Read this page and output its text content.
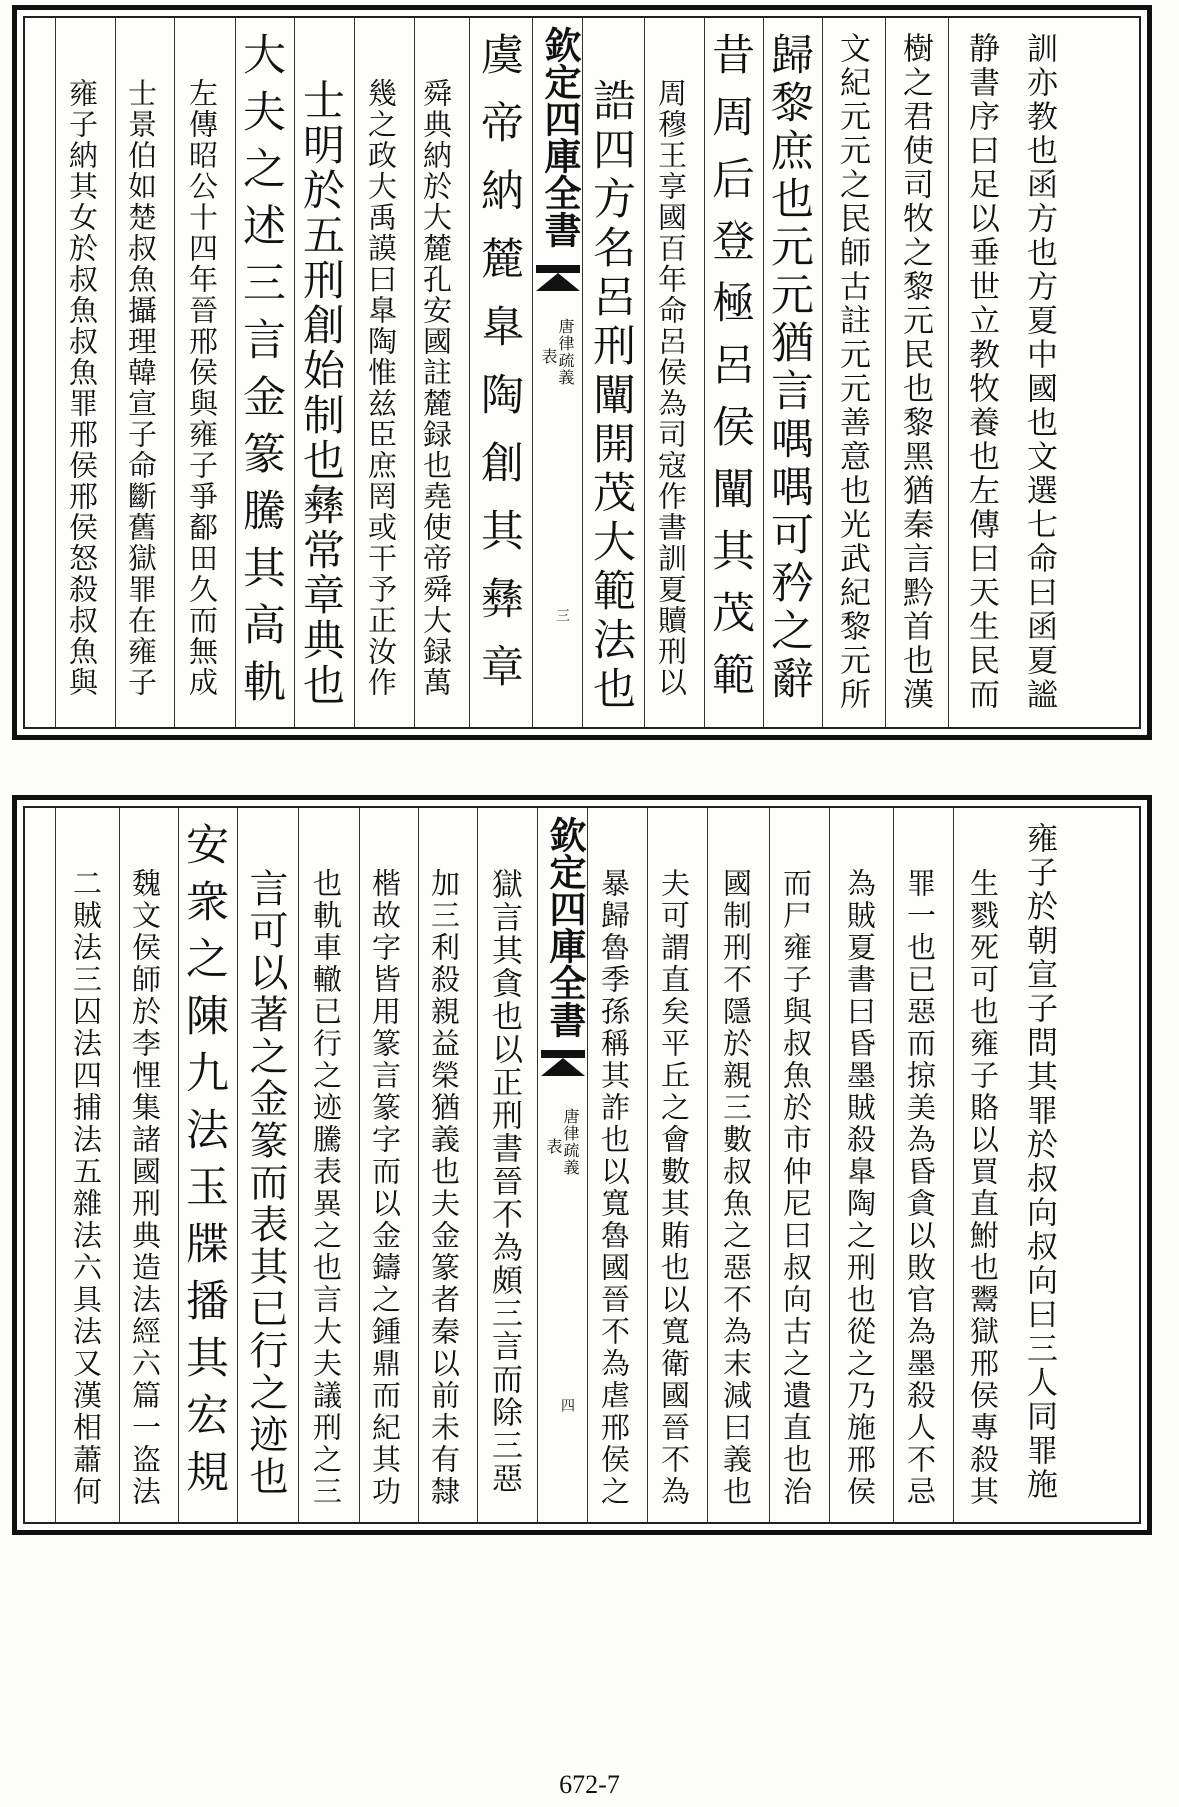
訓亦教也函方也方夏中國也文選七命曰函夏謐
静書序曰足以垂世立教牧養也左傳曰天生民而
樹之君使司牧之黎元民也黎黑猶秦言黔首也漢
文紀元元之民師古註元元善意也光武紀黎元所
歸黎庶也元元猶言喁喁可矜之辭
昔周后登極呂侯闡其茂範
周穆王享國百年命呂侯為司寇作書訓夏贖刑以
誥四方名呂刑闡開茂大範法也
欽定四庫全書
唐律疏義
表
三
虞帝納麓臯陶創其彝章
舜典納於大麓孔安國註麓録也堯使帝舜大録萬
幾之政大禹謨曰臯陶惟兹臣庶罔或干予正汝作
士明於五刑創始制也彝常章典也
大夫之述三言金篆騰其高軌
左傳昭公十四年晉邢侯與雍子爭鄐田久而無成
士景伯如楚叔魚攝理韓宣子命斷舊獄罪在雍子
雍子納其女於叔魚叔魚罪邢侯邢侯怒殺叔魚與
雍子於朝宣子問其罪於叔向叔向曰三人同罪施
生戮死可也雍子賂以買直鮒也鬻獄邢侯專殺其
罪一也已惡而掠美為昏貪以敗官為墨殺人不忌
為賊夏書曰昏墨賊殺臯陶之刑也從之乃施邢侯
而尸雍子與叔魚於市仲尼曰叔向古之遺直也治
國制刑不隱於親三數叔魚之惡不為末減曰義也
夫可謂直矣平丘之會數其賄也以寬衛國晉不為
暴歸魯季孫稱其詐也以寬魯國晉不為虐邢侯之
欽定四庫全書
唐律疏義
表
四
獄言其貪也以正刑書晉不為頗三言而除三惡
加三利殺親益榮猶義也夫金篆者秦以前未有隸
楷故字皆用篆言篆字而以金鑄之鍾鼎而紀其功
也軌車轍已行之迹騰表異之也言大夫議刑之三
言可以著之金篆而表其已行之迹也
安衆之陳九法玉牒播其宏規
魏文侯師於李悝集諸國刑典造法經六篇一盗法
二賊法三囚法四捕法五雜法六具法又漢相蕭何
672-7
